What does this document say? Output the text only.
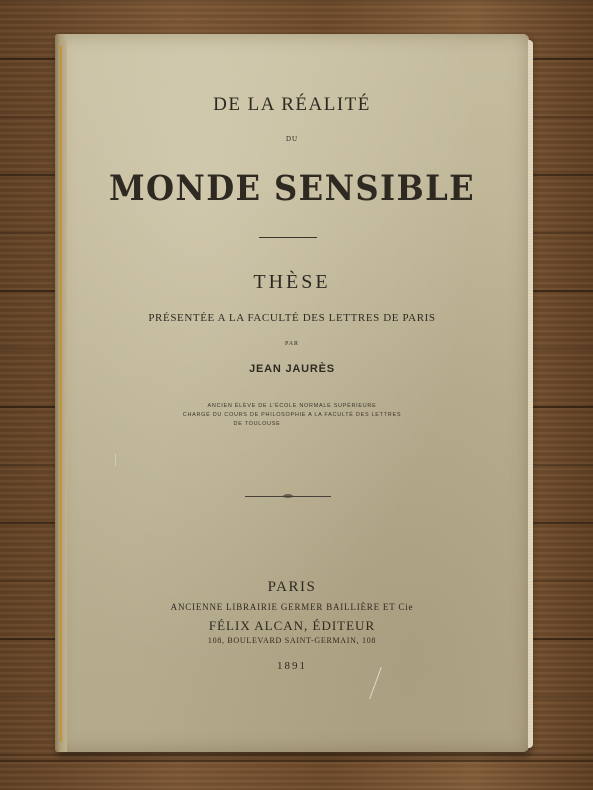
DE LA RÉALITÉ
DU
MONDE SENSIBLE
THÈSE
PRÉSENTÉE A LA FACULTÉ DES LETTRES DE PARIS
PAR
JEAN JAURÈS
ANCIEN ÉLÈVE DE L'ÉCOLE NORMALE SUPÉRIEURE
CHARGÉ DU COURS DE PHILOSOPHIE A LA FACULTÉ DES LETTRES
DE TOULOUSE
PARIS
ANCIENNE LIBRAIRIE GERMER BAILLIÈRE ET Cie
FÉLIX ALCAN, ÉDITEUR
108, BOULEVARD SAINT-GERMAIN, 108
1891
